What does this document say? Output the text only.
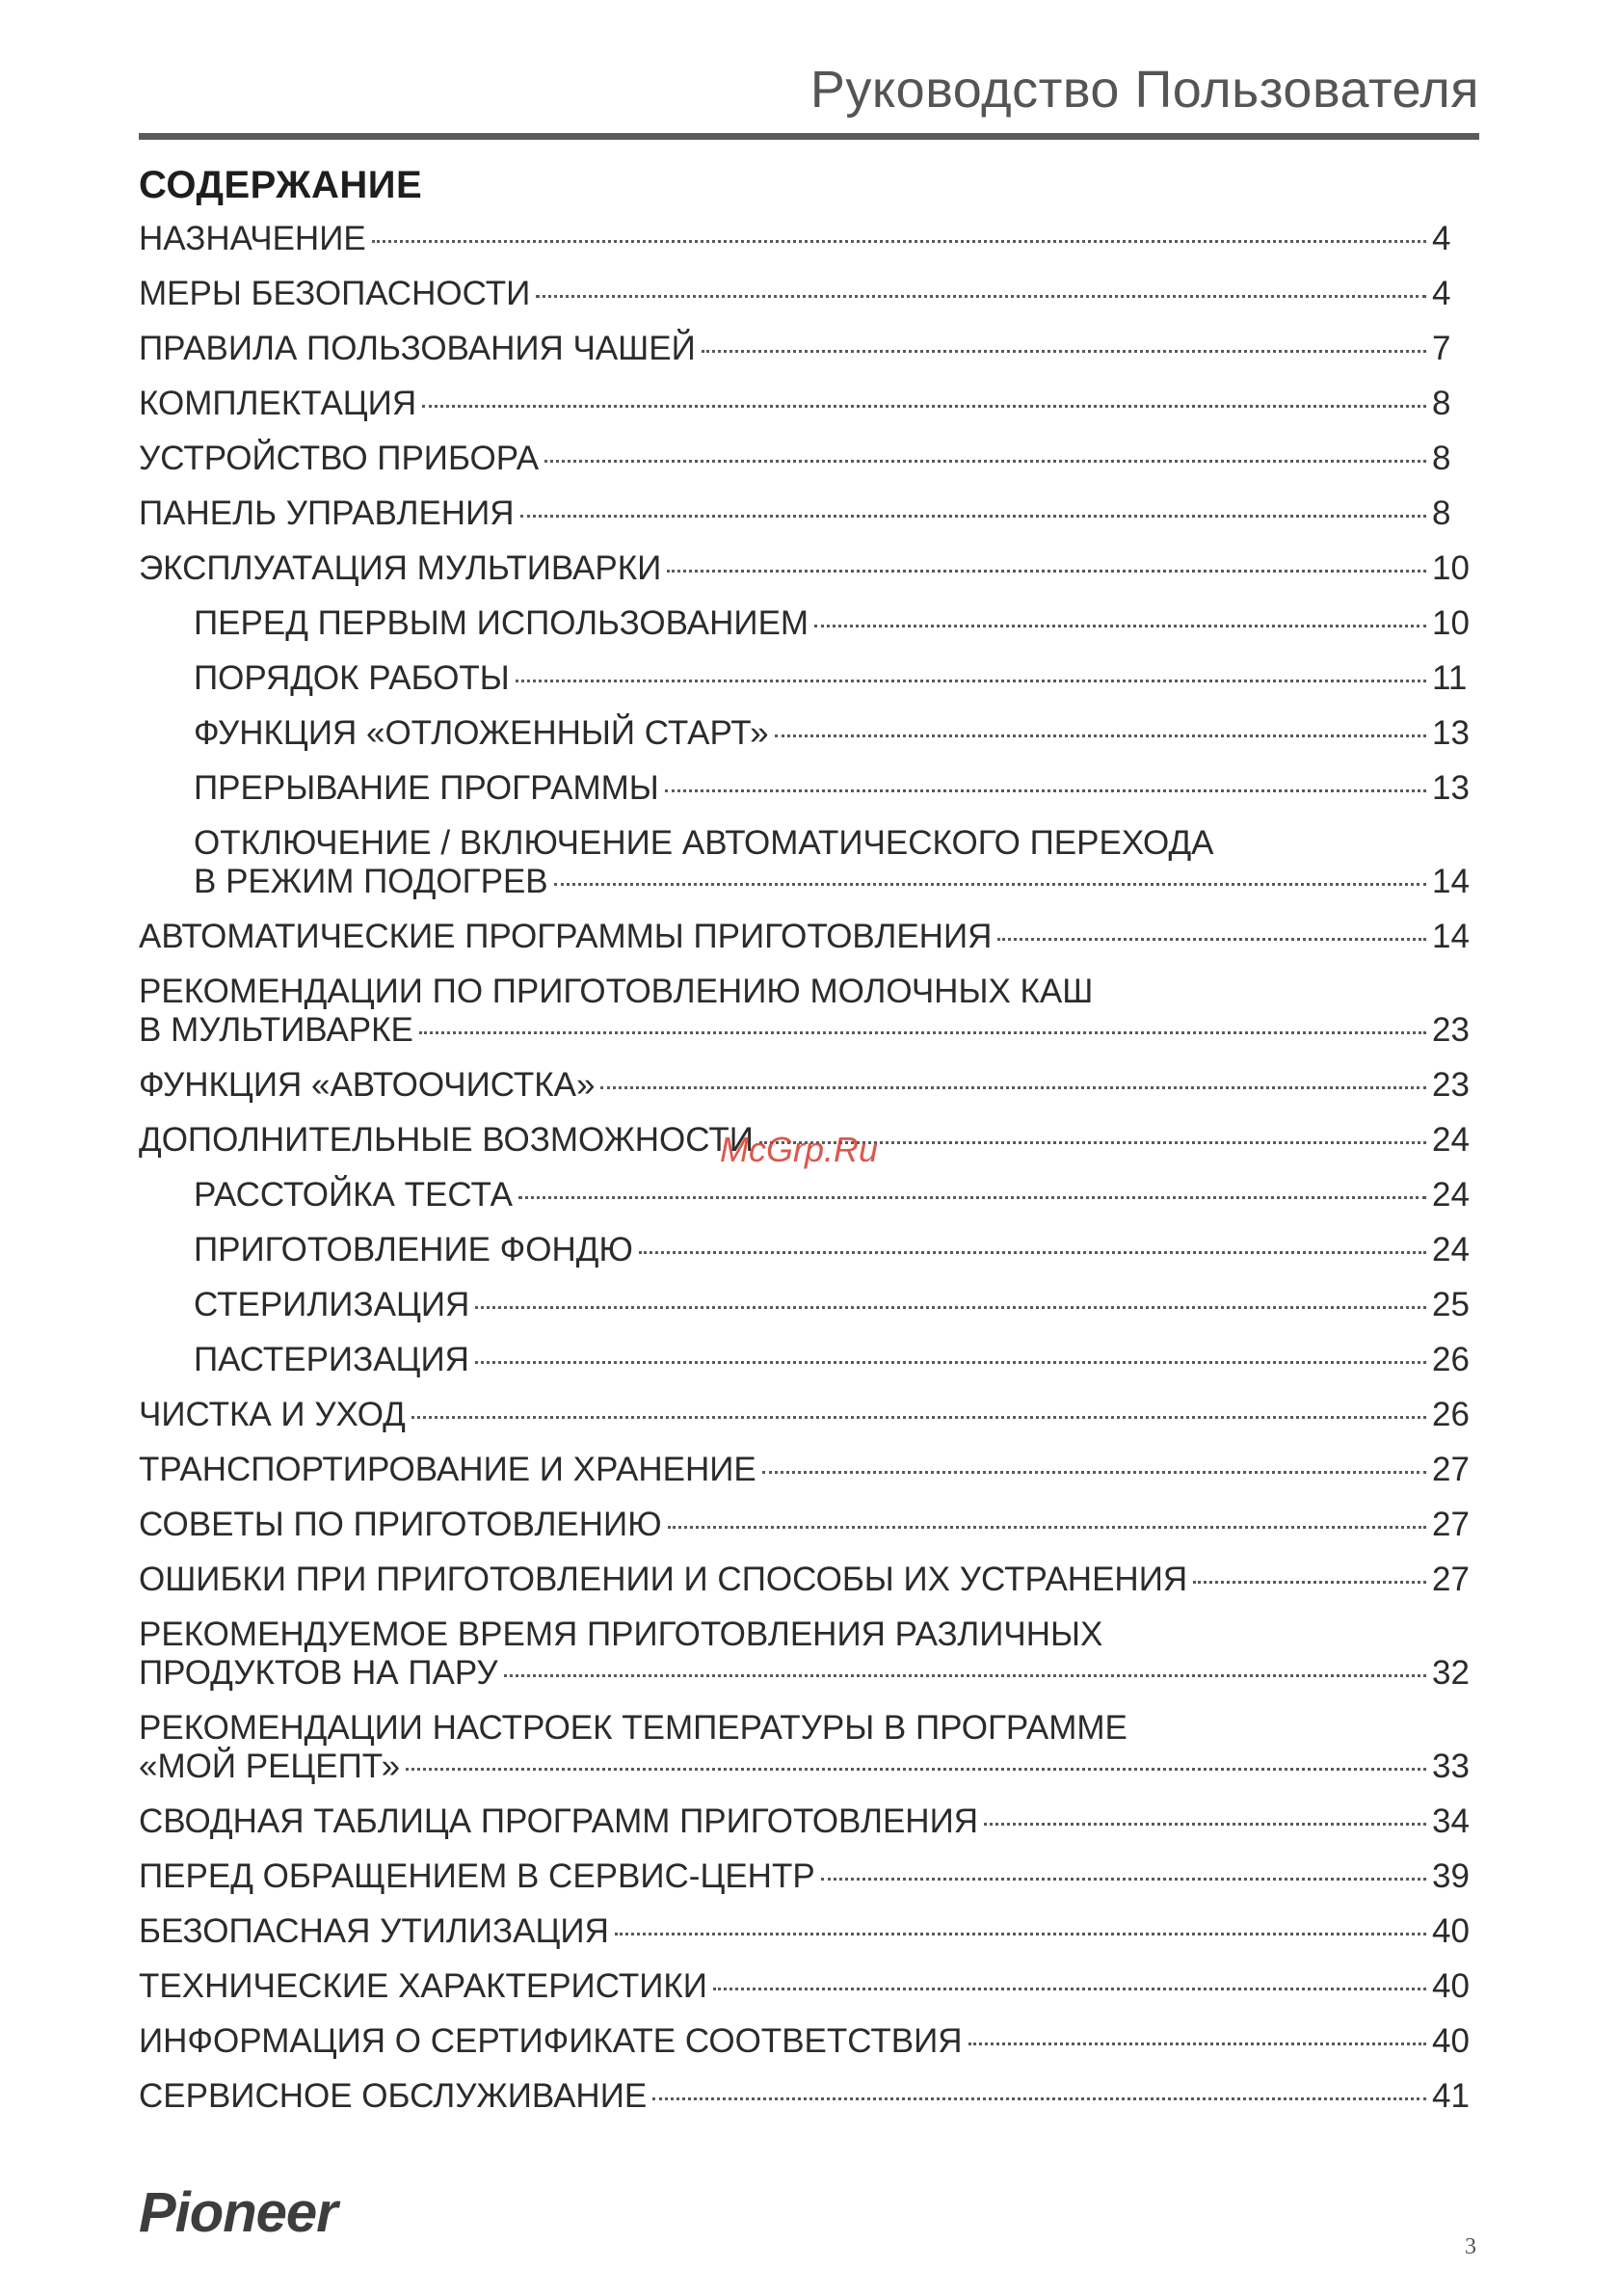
Руководство Пользователя
СОДЕРЖАНИЕ
НАЗНАЧЕНИЕ	4
МЕРЫ БЕЗОПАСНОСТИ	4
ПРАВИЛА ПОЛЬЗОВАНИЯ ЧАШЕЙ	7
КОМПЛЕКТАЦИЯ	8
УСТРОЙСТВО ПРИБОРА	8
ПАНЕЛЬ УПРАВЛЕНИЯ	8
ЭКСПЛУАТАЦИЯ МУЛЬТИВАРКИ	10
ПЕРЕД ПЕРВЫМ ИСПОЛЬЗОВАНИЕМ	10
ПОРЯДОК РАБОТЫ	11
ФУНКЦИЯ «ОТЛОЖЕННЫЙ СТАРТ»	13
ПРЕРЫВАНИЕ ПРОГРАММЫ	13
ОТКЛЮЧЕНИЕ / ВКЛЮЧЕНИЕ АВТОМАТИЧЕСКОГО ПЕРЕХОДА
В РЕЖИМ ПОДОГРЕВ	14
АВТОМАТИЧЕСКИЕ ПРОГРАММЫ ПРИГОТОВЛЕНИЯ	14
РЕКОМЕНДАЦИИ ПО ПРИГОТОВЛЕНИЮ МОЛОЧНЫХ КАШ
В МУЛЬТИВАРКЕ	23
ФУНКЦИЯ «АВТООЧИСТКА»	23
ДОПОЛНИТЕЛЬНЫЕ ВОЗМОЖНОСТИ	24
РАССТОЙКА ТЕСТА	24
ПРИГОТОВЛЕНИЕ ФОНДЮ	24
СТЕРИЛИЗАЦИЯ	25
ПАСТЕРИЗАЦИЯ	26
ЧИСТКА И УХОД	26
ТРАНСПОРТИРОВАНИЕ И ХРАНЕНИЕ	27
СОВЕТЫ ПО ПРИГОТОВЛЕНИЮ	27
ОШИБКИ ПРИ ПРИГОТОВЛЕНИИ И СПОСОБЫ ИХ УСТРАНЕНИЯ	27
РЕКОМЕНДУЕМОЕ ВРЕМЯ ПРИГОТОВЛЕНИЯ РАЗЛИЧНЫХ
ПРОДУКТОВ НА ПАРУ	32
РЕКОМЕНДАЦИИ НАСТРОЕК ТЕМПЕРАТУРЫ В ПРОГРАММЕ
«МОЙ РЕЦЕПТ»	33
СВОДНАЯ ТАБЛИЦА ПРОГРАММ ПРИГОТОВЛЕНИЯ	34
ПЕРЕД ОБРАЩЕНИЕМ В СЕРВИС-ЦЕНТР	39
БЕЗОПАСНАЯ УТИЛИЗАЦИЯ	40
ТЕХНИЧЕСКИЕ ХАРАКТЕРИСТИКИ	40
ИНФОРМАЦИЯ О СЕРТИФИКАТЕ СООТВЕТСТВИЯ	40
СЕРВИСНОЕ ОБСЛУЖИВАНИЕ	41
McGrp.Ru
Pioneer
3
